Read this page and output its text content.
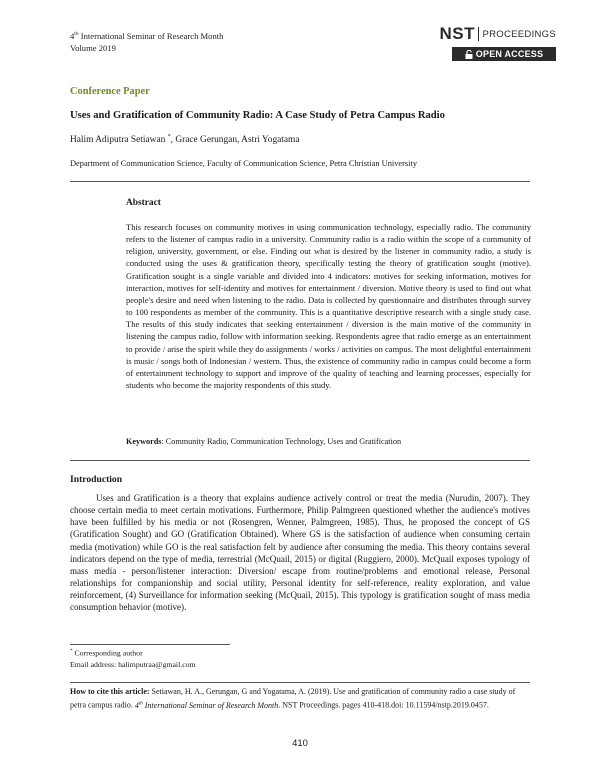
4th International Seminar of Research Month
Volume 2019
NST PROCEEDINGS
OPEN ACCESS
Conference Paper
Uses and Gratification of Community Radio: A Case Study of Petra Campus Radio
Halim Adiputra Setiawan *, Grace Gerungan, Astri Yogatama
Department of Communication Science, Faculty of Communication Science, Petra Christian University
Abstract
This research focuses on community motives in using communication technology, especially radio. The community refers to the listener of campus radio in a university. Community radio is a radio within the scope of a community of religion, university, government, or else. Finding out what is desired by the listener in community radio, a study is conducted using the uses & gratification theory, specifically testing the theory of gratification sought (motive). Gratification sought is a single variable and divided into 4 indicators: motives for seeking information, motives for interaction, motives for self-identity and motives for entertainment / diversion. Motive theory is used to find out what people's desire and need when listening to the radio. Data is collected by questionnaire and distributes through survey to 100 respondents as member of the community. This is a quantitative descriptive research with a single study case. The results of this study indicates that seeking entertainment / diversion is the main motive of the community in listening the campus radio, follow with information seeking. Respondents agree that radio emerge as an entertainment to provide / arise the spirit while they do assignments / works / activities on campus. The most delightful entertainment is music / songs both of Indonesian / western. Thus, the existence of community radio in campus could become a form of entertainment technology to support and improve of the quality of teaching and learning processes, especially for students who become the majority respondents of this study.
Keywords: Community Radio, Communication Technology, Uses and Gratification
Introduction
Uses and Gratification is a theory that explains audience actively control or treat the media (Nurudin, 2007). They choose certain media to meet certain motivations. Furthermore, Philip Palmgreen questioned whether the audience's motives have been fulfilled by his media or not (Rosengren, Wenner, Palmgreen, 1985). Thus, he proposed the concept of GS (Gratification Sought) and GO (Gratification Obtained). Where GS is the satisfaction of audience when consuming certain media (motivation) while GO is the real satisfaction felt by audience after consuming the media. This theory contains several indicators depend on the type of media, terrestrial (McQuail, 2015) or digital (Ruggiero, 2000). McQuail exposes typology of mass media - person/listener interaction: Diversion/ escape from routine/problems and emotional release, Personal relationships for companionship and social utility, Personal identity for self-reference, reality exploration, and value reinforcement, (4) Surveillance for information seeking (McQuail, 2015). This typology is gratification sought of mass media consumption behavior (motive).
* Corresponding author
Email address: halimputraa@gmail.com
How to cite this article: Setiawan, H. A., Gerungan, G and Yogatama, A. (2019). Use and gratification of community radio a case study of petra campus radio. 4th International Seminar of Research Month. NST Proceedings. pages 410-418.doi: 10.11594/nstp.2019.0457.
410
